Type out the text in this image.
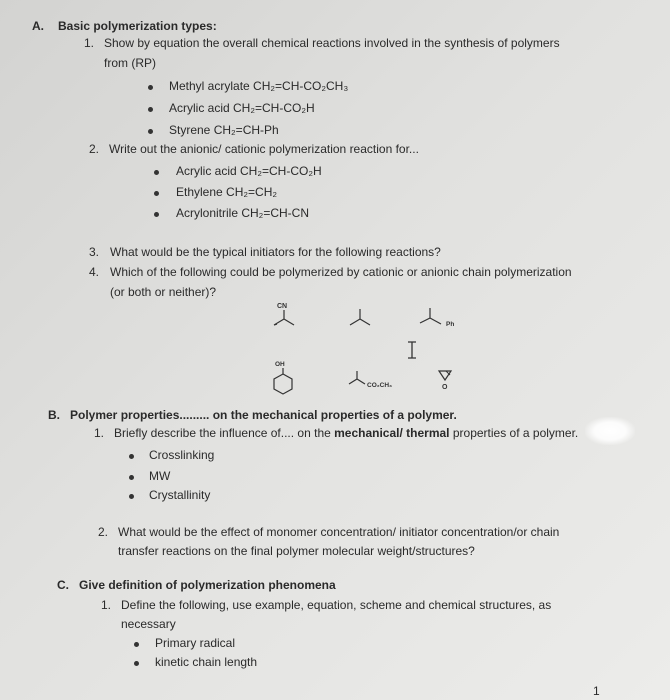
A. Basic polymerization types:
1. Show by equation the overall chemical reactions involved in the synthesis of polymers
from (RP)
Methyl acrylate CH₂=CH-CO₂CH₃
Acrylic acid CH₂=CH-CO₂H
Styrene CH₂=CH-Ph
2. Write out the anionic/ cationic polymerization reaction for...
Acrylic acid CH₂=CH-CO₂H
Ethylene CH₂=CH₂
Acrylonitrile CH₂=CH-CN
3. What would be the typical initiators for the following reactions?
4. Which of the following could be polymerized by cationic or anionic chain polymerization
(or both or neither)?
CN
Ph
OH
CO₂CH₃	O
B. Polymer properties......... on the mechanical properties of a polymer.
1. Briefly describe the influence of.... on the mechanical/ thermal properties of a polymer.
Crosslinking
MW
Crystallinity
2. What would be the effect of monomer concentration/ initiator concentration/or chain
transfer reactions on the final polymer molecular weight/structures?
C. Give definition of polymerization phenomena
1. Define the following, use example, equation, scheme and chemical structures, as
necessary
Primary radical
kinetic chain length
1
